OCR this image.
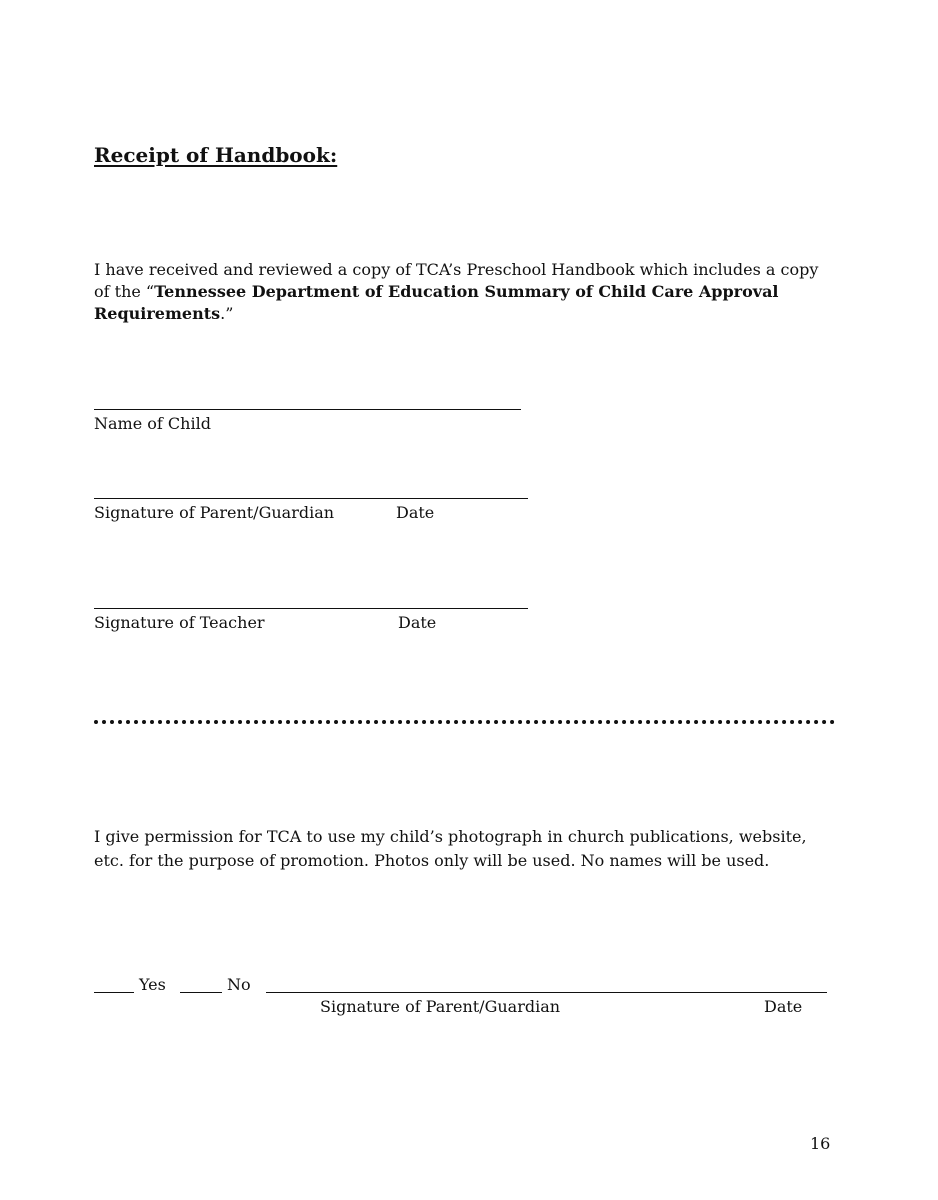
Receipt of Handbook:
I have received and reviewed a copy of TCA’s Preschool Handbook which includes a copy of the “Tennessee Department of Education Summary of Child Care Approval Requirements.”
Name of Child
Signature of Parent/Guardian	Date
Signature of Teacher	Date
I give permission for TCA to use my child’s photograph in church publications, website, etc. for the purpose of promotion. Photos only will be used. No names will be used.
Yes	No
Signature of Parent/Guardian	Date
16
